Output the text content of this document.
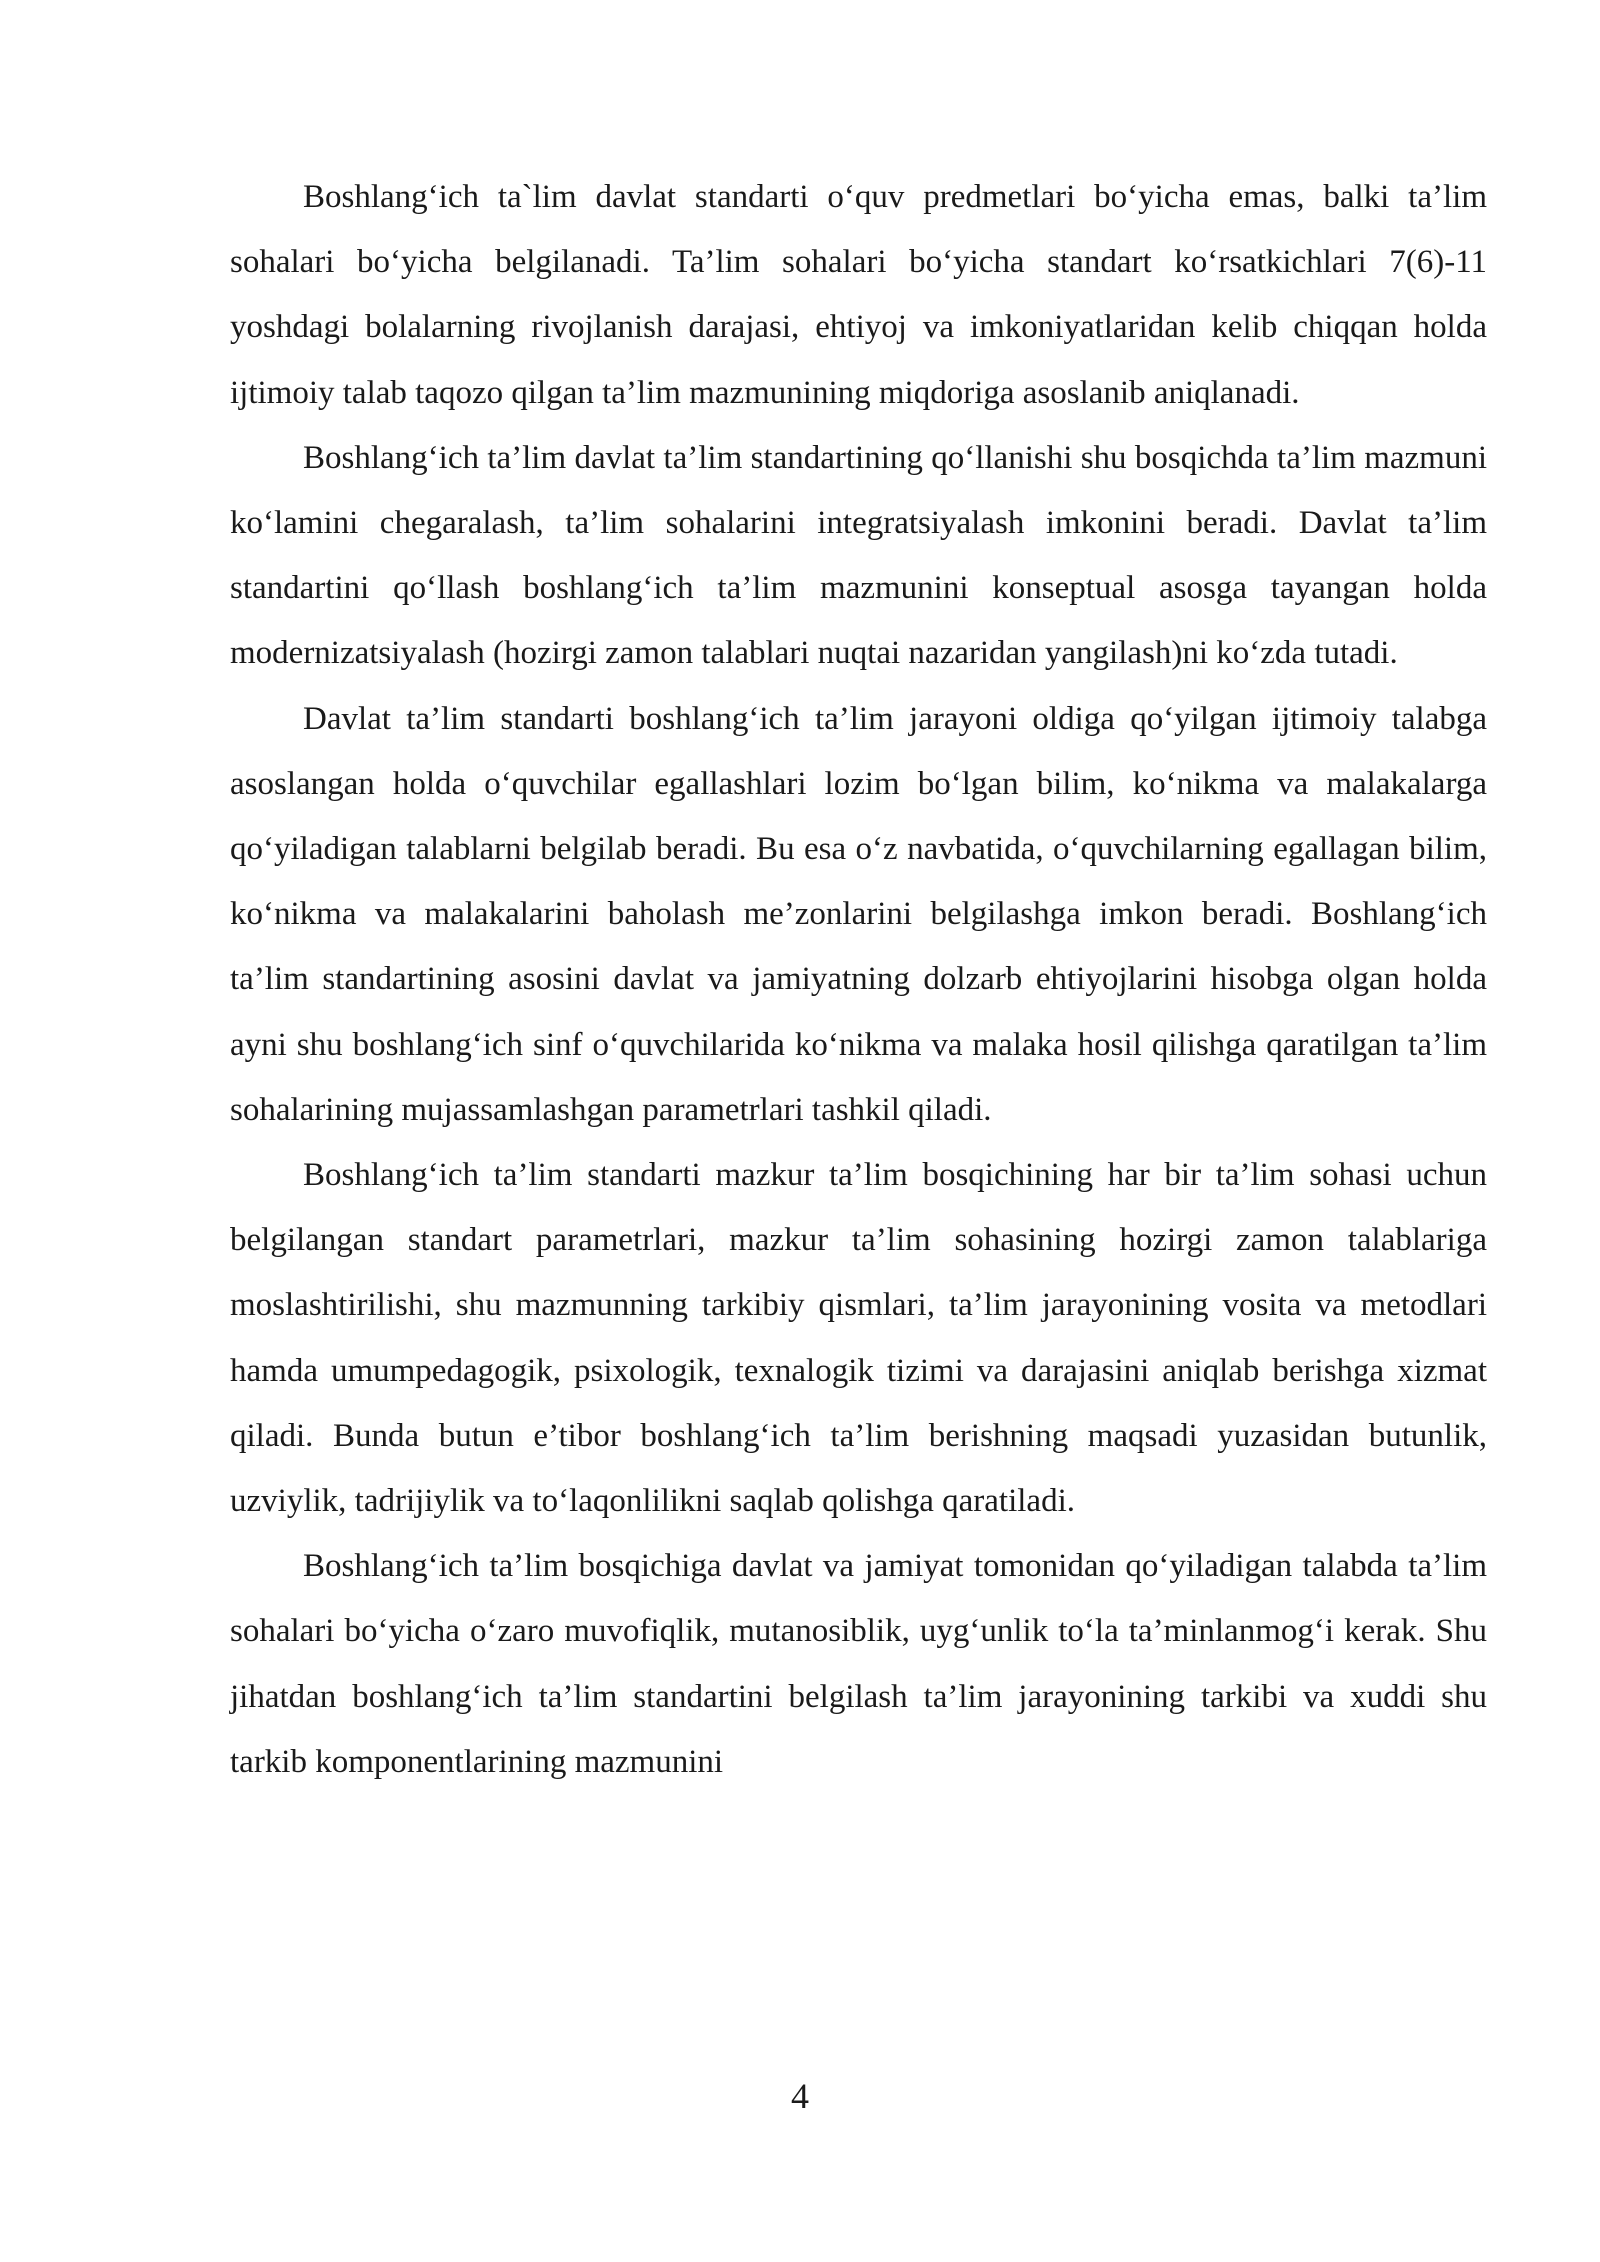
Boshlang‘ich ta`lim davlat standarti o‘quv predmetlari bo‘yicha emas, balki ta’lim sohalari bo‘yicha belgilanadi. Ta’lim sohalari bo‘yicha standart ko‘rsatkichlari 7(6)-11 yoshdagi bolalarning rivojlanish darajasi, ehtiyoj va imkoniyatlaridan kelib chiqqan holda ijtimoiy talab taqozo qilgan ta’lim mazmunining miqdoriga asoslanib aniqlanadi.

Boshlang‘ich ta’lim davlat ta’lim standartining qo‘llanishi shu bosqichda ta’lim mazmuni ko‘lamini chegaralash, ta’lim sohalarini integratsiyalash imkonini beradi. Davlat ta’lim standartini qo‘llash boshlang‘ich ta’lim mazmunini konseptual asosga tayangan holda modernizatsiyalash (hozirgi zamon talablari nuqtai nazaridan yangilash)ni ko‘zda tutadi.

Davlat ta’lim standarti boshlang‘ich ta’lim jarayoni oldiga qo‘yilgan ijtimoiy talabga asoslangan holda o‘quvchilar egallashlari lozim bo‘lgan bilim, ko‘nikma va malakalarga qo‘yiladigan talablarni belgilab beradi. Bu esa o‘z navbatida, o‘quvchilarning egallagan bilim, ko‘nikma va malakalarini baholash me’zonlarini belgilashga imkon beradi. Boshlang‘ich ta’lim standartining asosini davlat va jamiyatning dolzarb ehtiyojlarini hisobga olgan holda ayni shu boshlang‘ich sinf o‘quvchilarida ko‘nikma va malaka hosil qilishga qaratilgan ta’lim sohalarining mujassamlashgan parametrlari tashkil qiladi.

Boshlang‘ich ta’lim standarti mazkur ta’lim bosqichining har bir ta’lim sohasi uchun belgilangan standart parametrlari, mazkur ta’lim sohasining hozirgi zamon talablariga moslashtirilishi, shu mazmunning tarkibiy qismlari, ta’lim jarayonining vosita va metodlari hamda umumpedagogik, psixologik, texnalogik tizimi va darajasini aniqlab berishga xizmat qiladi. Bunda butun e’tibor boshlang‘ich ta’lim berishning maqsadi yuzasidan butunlik, uzviylik, tadrijiylik va to‘laqonlilikni saqlab qolishga qaratiladi.

Boshlang‘ich ta’lim bosqichiga davlat va jamiyat tomonidan qo‘yiladigan talabda ta’lim sohalari bo‘yicha o‘zaro muvofiqlik, mutanosiblik, uyg‘unlik to‘la ta’minlanmog‘i kerak. Shu jihatdan boshlang‘ich ta’lim standartini belgilash ta’lim jarayonining tarkibi va xuddi shu tarkib komponentlarining mazmunini

4
